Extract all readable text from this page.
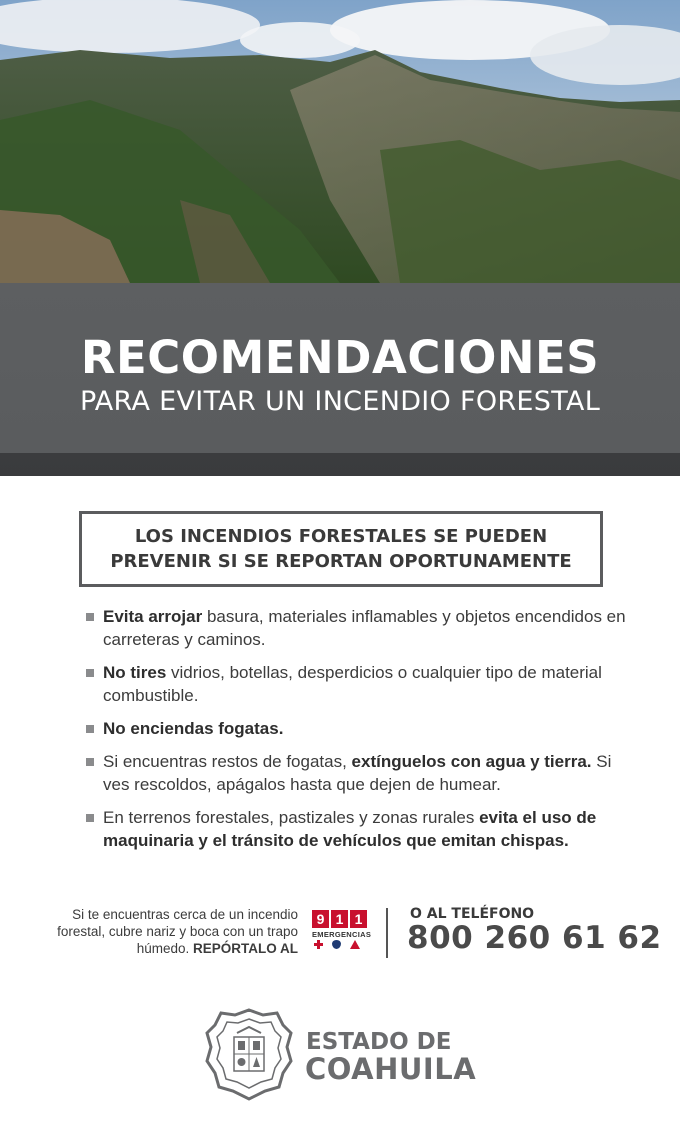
RECOMENDACIONES
PARA EVITAR UN INCENDIO FORESTAL
LOS INCENDIOS FORESTALES SE PUEDEN
PREVENIR SI SE REPORTAN OPORTUNAMENTE
Evita arrojar basura, materiales inflamables y objetos encendidos en carreteras y caminos.
No tires vidrios, botellas, desperdicios o cualquier tipo de material combustible.
No enciendas fogatas.
Si encuentras restos de fogatas, extínguelos con agua y tierra. Si ves rescoldos, apágalos hasta que dejen de humear.
En terrenos forestales, pastizales y zonas rurales evita el uso de maquinaria y el tránsito de vehículos que emitan chispas.
Si te encuentras cerca de un incendio
forestal, cubre nariz y boca con un trapo
húmedo. REPÓRTALO AL
9 1 1
EMERGENCIAS
O AL TELÉFONO
800 260 61 62
ESTADO DE
COAHUILA
